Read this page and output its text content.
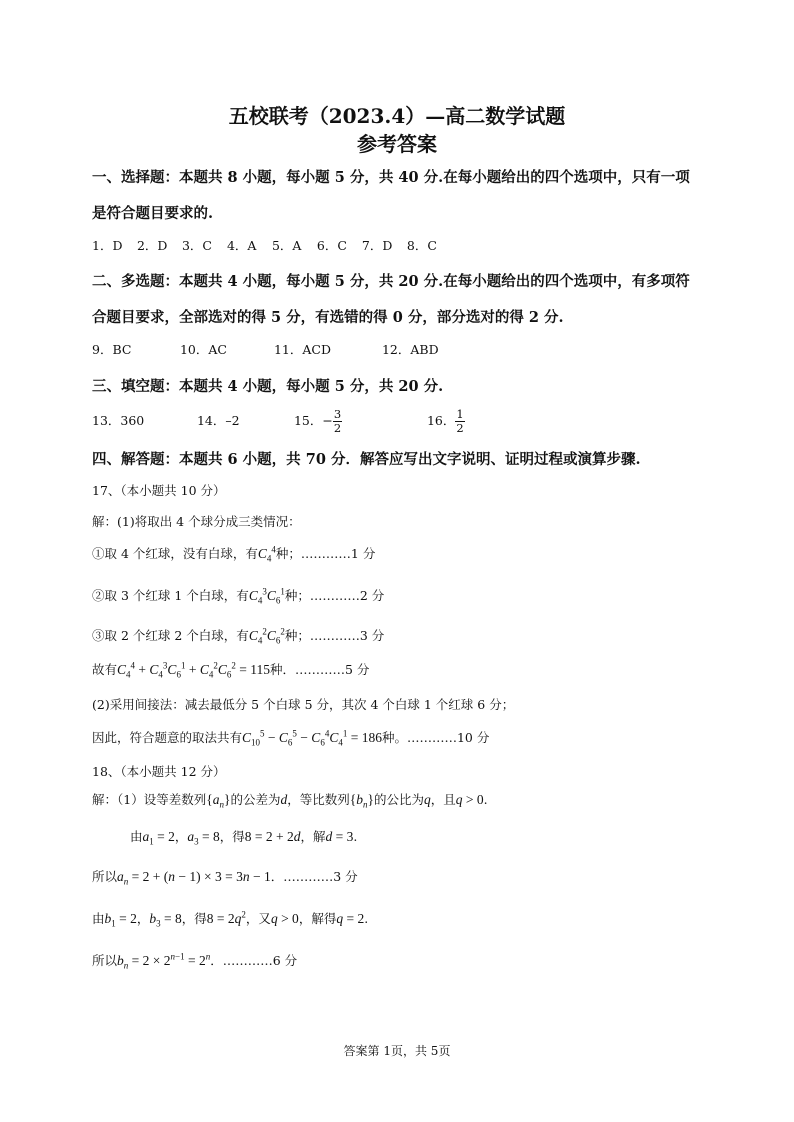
五校联考（2023.4）—高二数学试题
参考答案
一、选择题：本题共 8 小题，每小题 5 分，共 40 分.在每小题给出的四个选项中，只有一项
是符合题目要求的.
1．D 2．D 3．C 4．A 5．A 6．C 7．D 8．C
二、多选题：本题共 4 小题，每小题 5 分，共 20 分.在每小题给出的四个选项中，有多项符
合题目要求，全部选对的得 5 分，有选错的得 0 分，部分选对的得 2 分.
9．BC	10．AC	11．ACD	12．ABD
三、填空题：本题共 4 小题，每小题 5 分，共 20 分.
13．360	14．–2	15．− $\frac{3}{2}$	16． $\frac{1}{2}$
四、解答题：本题共 6 小题，共 70 分．解答应写出文字说明、证明过程或演算步骤.
17、（本小题共 10 分）
解：(1)将取出 4 个球分成三类情况：
①取 4 个红球，没有白球，有$C_4^4$种；…………1 分
②取 3 个红球 1 个白球，有$C_4^3C_6^1$种；…………2 分
③取 2 个红球 2 个白球，有$C_4^2C_6^2$种；…………3 分
故有$C_4^4 + C_4^3C_6^1 + C_4^2C_6^2 = 115$种．…………5 分
(2)采用间接法：减去最低分 5 个白球 5 分，其次 4 个白球 1 个红球 6 分；
因此，符合题意的取法共有$C_{10}^5 - C_6^5 - C_6^4C_4^1 = 186$种。…………10 分
18、（本小题共 12 分）
解：（1）设等差数列$\{a_n\}$的公差为d，等比数列$\{b_n\}$的公比为q，且q > 0.
由$a_1 = 2$，$a_3 = 8$，得8 = 2 + 2d，解d = 3.
所以$a_n = 2 + (n - 1) \times 3 = 3n - 1$．…………3 分
由$b_1 = 2$，$b_3 = 8$，得$8 = 2q^2$，又q > 0，解得q = 2.
所以$b_n = 2 \times 2^{n-1} = 2^n$．…………6 分
答案第 1页，共 5页
